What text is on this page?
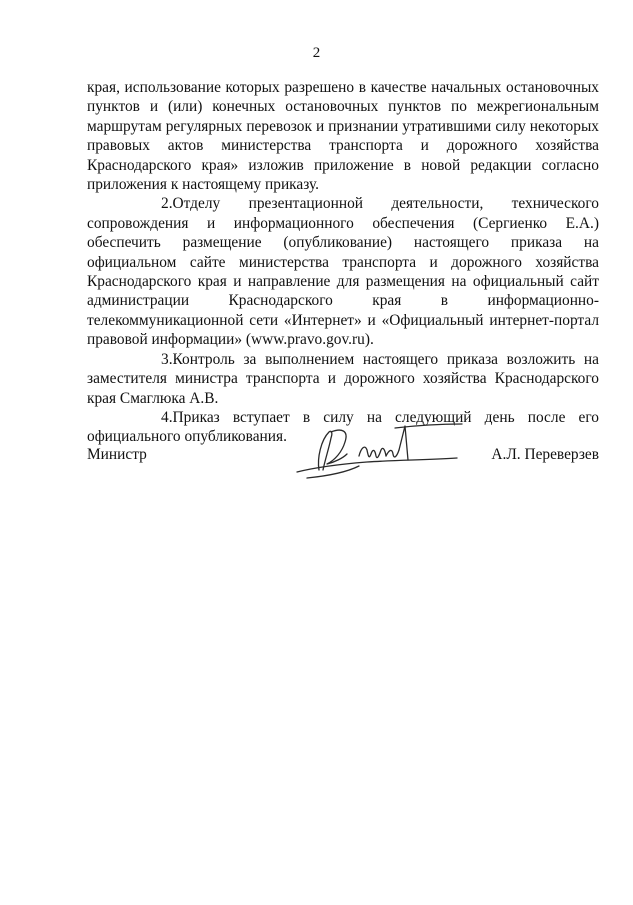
2

края, использование которых разрешено в качестве начальных остановочных пунктов и (или) конечных остановочных пунктов по межрегиональным маршрутам регулярных перевозок и признании утратившими силу некоторых правовых актов министерства транспорта и дорожного хозяйства Краснодарского края» изложив приложение в новой редакции согласно приложения к настоящему приказу.

2.Отделу презентационной деятельности, технического сопровождения и информационного обеспечения (Сергиенко Е.А.) обеспечить размещение (опубликование) настоящего приказа на официальном сайте министерства транспорта и дорожного хозяйства Краснодарского края и направление для размещения на официальный сайт администрации Краснодарского края в информационно-телекоммуникационной сети «Интернет» и «Официальный интернет-портал правовой информации» (www.pravo.gov.ru).

3.Контроль за выполнением настоящего приказа возложить на заместителя министра транспорта и дорожного хозяйства Краснодарского края Смаглюка А.В.

4.Приказ вступает в силу на следующий день после его официального опубликования.

Министр	А.Л. Переверзев
